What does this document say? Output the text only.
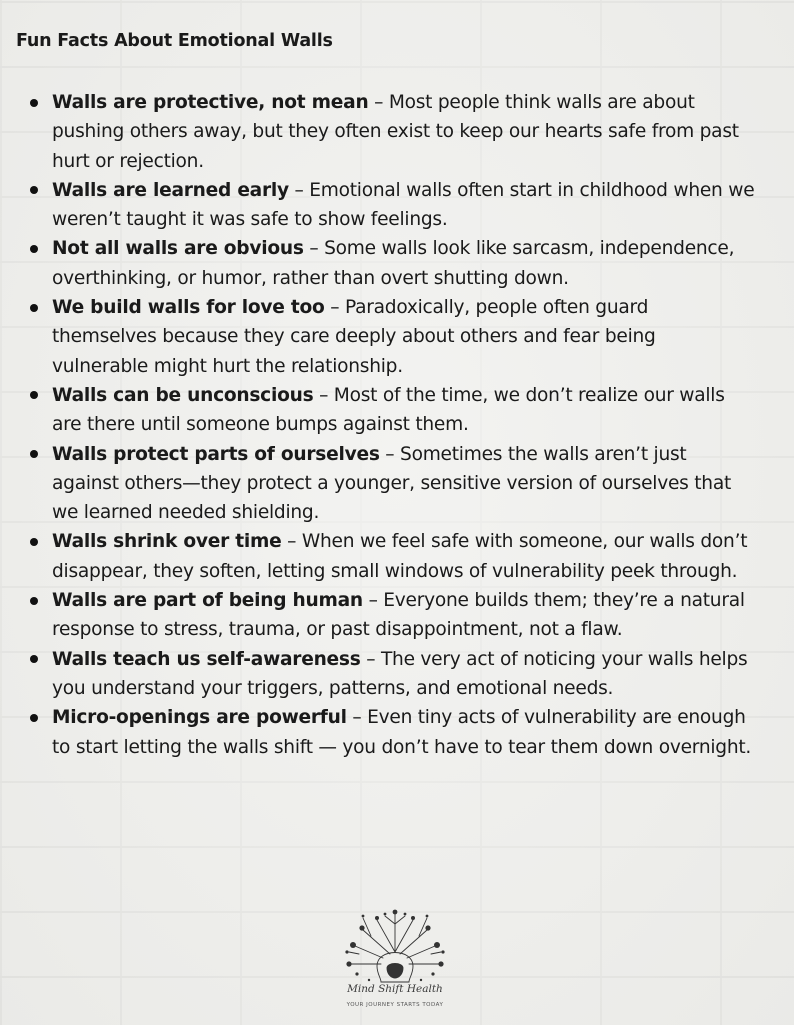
Fun Facts About Emotional Walls
Walls are protective, not mean – Most people think walls are about pushing others away, but they often exist to keep our hearts safe from past hurt or rejection.
Walls are learned early – Emotional walls often start in childhood when we weren’t taught it was safe to show feelings.
Not all walls are obvious – Some walls look like sarcasm, independence, overthinking, or humor, rather than overt shutting down.
We build walls for love too – Paradoxically, people often guard themselves because they care deeply about others and fear being vulnerable might hurt the relationship.
Walls can be unconscious – Most of the time, we don’t realize our walls are there until someone bumps against them.
Walls protect parts of ourselves – Sometimes the walls aren’t just against others—they protect a younger, sensitive version of ourselves that we learned needed shielding.
Walls shrink over time – When we feel safe with someone, our walls don’t disappear, they soften, letting small windows of vulnerability peek through.
Walls are part of being human – Everyone builds them; they’re a natural response to stress, trauma, or past disappointment, not a flaw.
Walls teach us self-awareness – The very act of noticing your walls helps you understand your triggers, patterns, and emotional needs.
Micro-openings are powerful – Even tiny acts of vulnerability are enough to start letting the walls shift — you don’t have to tear them down overnight.
Mind Shift Health
YOUR JOURNEY STARTS TODAY
